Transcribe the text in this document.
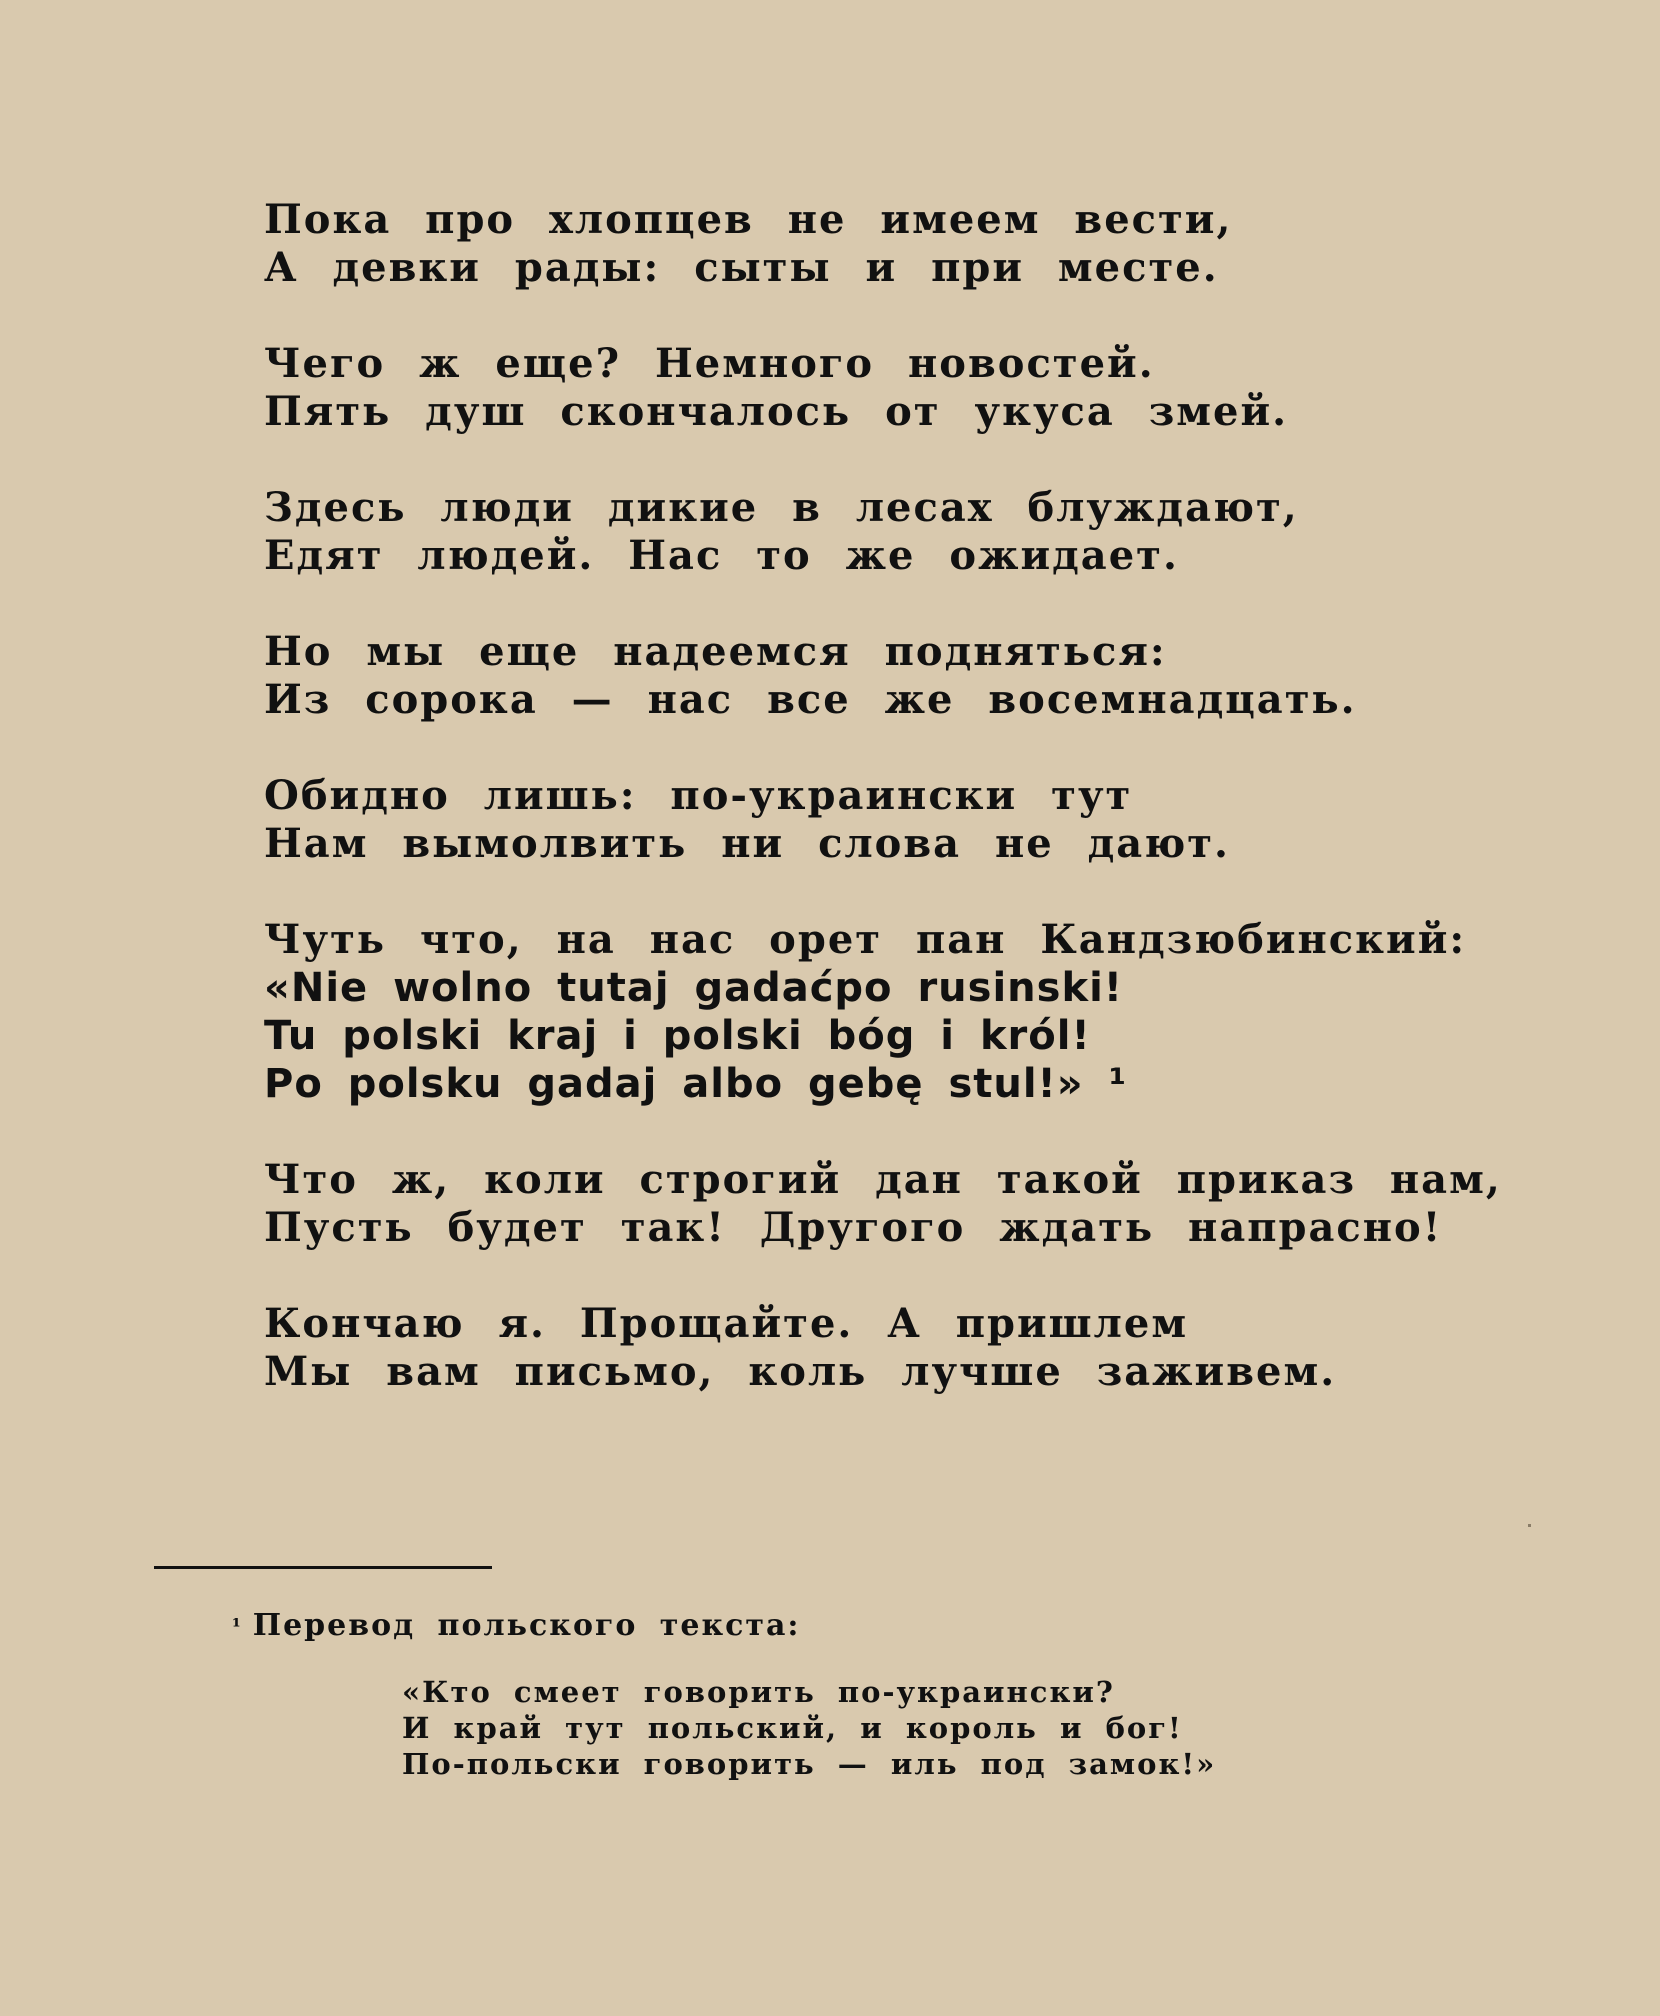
Пока про хлопцев не имеем вести,
А девки рады: сыты и при месте.
Чего ж еще? Немного новостей.
Пять душ скончалось от укуса змей.
Здесь люди дикие в лесах блуждают,
Едят людей. Нас то же ожидает.
Но мы еще надеемся подняться:
Из сорока — нас все же восемнадцать.
Обидно лишь: по-украински тут
Нам вымолвить ни слова не дают.
Чуть что, на нас орет пан Кандзюбинский:
«Nie wolno tutaj gadaćpo rusinski!
Tu polski kraj i polski bóg i król!
Po polsku gadaj albo gebę stul!» ¹
Что ж, коли строгий дан такой приказ нам,
Пусть будет так! Другого ждать напрасно!
Кончаю я. Прощайте. А пришлем
Мы вам письмо, коль лучше заживем.
$^{^1}$ Перевод польского текста:
«Кто смеет говорить по-украински?
И край тут польский, и король и бог!
По-польски говорить — иль под замок!»
